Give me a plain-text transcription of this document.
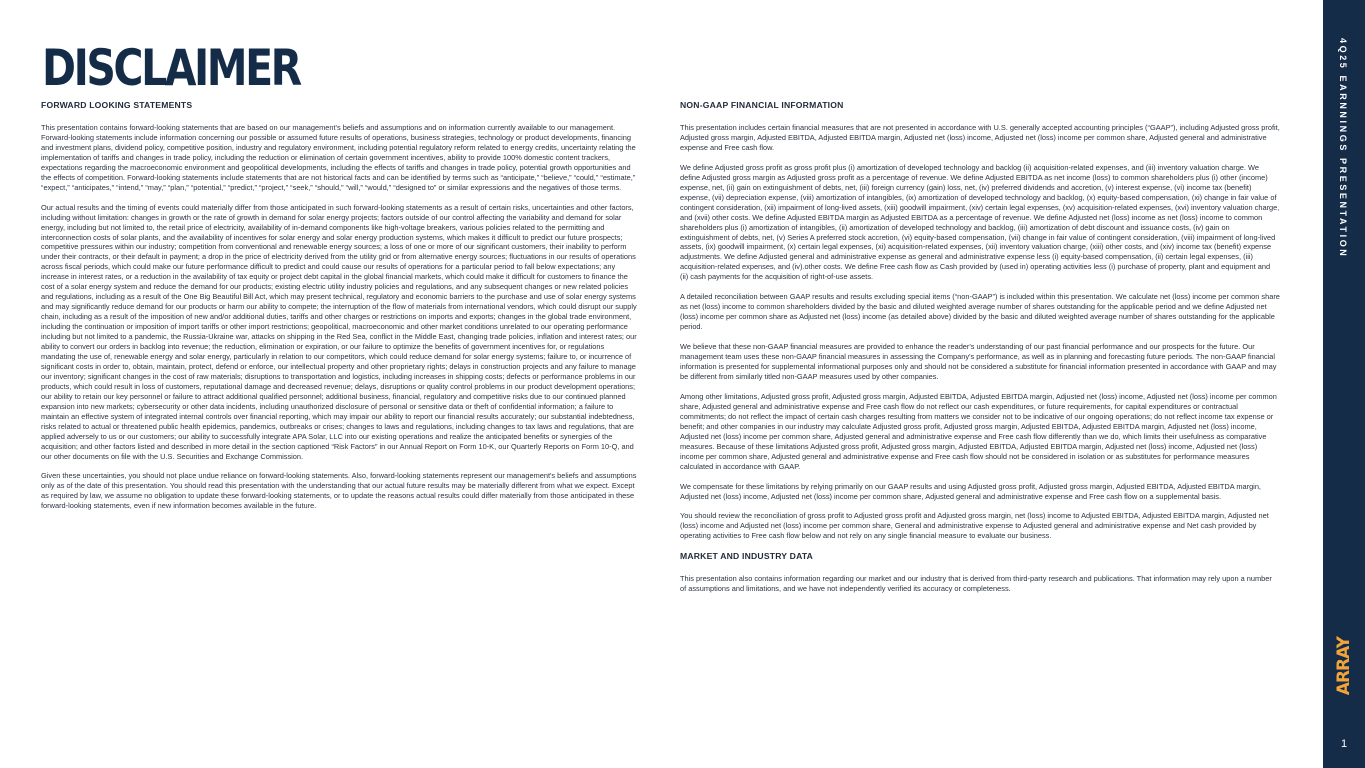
DISCLAIMER

FORWARD LOOKING STATEMENTS

This presentation contains forward-looking statements that are based on our management's beliefs and assumptions and on information currently available to our management. Forward-looking statements include information concerning our possible or assumed future results of operations, business strategies, technology or product developments, financing and investment plans, dividend policy, competitive position, industry and regulatory environment, including potential regulatory reform related to energy credits, uncertainty relating the implementation of tariffs and changes in trade policy, including the reduction or elimination of certain government incentives, ability to provide 100% domestic content trackers, expectations regarding the macroeconomic environment and geopolitical developments, including the effects of tariffs and changes in trade policy, potential growth opportunities and the effects of competition. Forward-looking statements include statements that are not historical facts and can be identified by terms such as “anticipate,” “believe,” “could,” “estimate,” “expect,” “anticipates,” “intend,” “may,” “plan,” “potential,” “predict,” “project,” “seek,” “should,” “will,” “would,” “designed to” or similar expressions and the negatives of those terms.

Our actual results and the timing of events could materially differ from those anticipated in such forward-looking statements as a result of certain risks, uncertainties and other factors, including without limitation: changes in growth or the rate of growth in demand for solar energy projects; factors outside of our control affecting the variability and demand for solar energy, including but not limited to, the retail price of electricity, availability of in-demand components like high-voltage breakers, various policies related to the permitting and interconnection costs of solar plants, and the availability of incentives for solar energy and solar energy production systems, which makes it difficult to predict our future prospects; competitive pressures within our industry; competition from conventional and renewable energy sources; a loss of one or more of our significant customers, their inability to perform under their contracts, or their default in payment; a drop in the price of electricity derived from the utility grid or from alternative energy sources; fluctuations in our results of operations across fiscal periods, which could make our future performance difficult to predict and could cause our results of operations for a particular period to fall below expectations; any increase in interest rates, or a reduction in the availability of tax equity or project debt capital in the global financial markets, which could make it difficult for customers to finance the cost of a solar energy system and reduce the demand for our products; existing electric utility industry policies and regulations, and any subsequent changes or new related policies and regulations, including as a result of the One Big Beautiful Bill Act, which may present technical, regulatory and economic barriers to the purchase and use of solar energy systems and may significantly reduce demand for our products or harm our ability to compete; the interruption of the flow of materials from international vendors, which could disrupt our supply chain, including as a result of the imposition of new and/or additional duties, tariffs and other charges or restrictions on imports and exports; changes in the global trade environment, including the continuation or imposition of import tariffs or other import restrictions; geopolitical, macroeconomic and other market conditions unrelated to our operating performance including but not limited to a pandemic, the Russia-Ukraine war, attacks on shipping in the Red Sea, conflict in the Middle East, changing trade policies, inflation and interest rates; our ability to convert our orders in backlog into revenue; the reduction, elimination or expiration, or our failure to optimize the benefits of government incentives for, or regulations mandating the use of, renewable energy and solar energy, particularly in relation to our competitors, which could reduce demand for solar energy systems; failure to, or incurrence of significant costs in order to, obtain, maintain, protect, defend or enforce, our intellectual property and other proprietary rights; delays in construction projects and any failure to manage our inventory; significant changes in the cost of raw materials; disruptions to transportation and logistics, including increases in shipping costs; defects or performance problems in our products, which could result in loss of customers, reputational damage and decreased revenue; delays, disruptions or quality control problems in our product development operations; our ability to retain our key personnel or failure to attract additional qualified personnel; additional business, financial, regulatory and competitive risks due to our continued planned expansion into new markets; cybersecurity or other data incidents, including unauthorized disclosure of personal or sensitive data or theft of confidential information; a failure to maintain an effective system of integrated internal controls over financial reporting, which may impair our ability to report our financial results accurately; our substantial indebtedness, risks related to actual or threatened public health epidemics, pandemics, outbreaks or crises; changes to laws and regulations, including changes to tax laws and regulations, that are applied adversely to us or our customers; our ability to successfully integrate APA Solar, LLC into our existing operations and realize the anticipated benefits or synergies of the acquisition; and other factors listed and described in more detail in the section captioned “Risk Factors” in our Annual Report on Form 10-K, our Quarterly Reports on Form 10-Q, and our other documents on file with the U.S. Securities and Exchange Commission.

Given these uncertainties, you should not place undue reliance on forward-looking statements. Also, forward-looking statements represent our management's beliefs and assumptions only as of the date of this presentation. You should read this presentation with the understanding that our actual future results may be materially different from what we expect. Except as required by law, we assume no obligation to update these forward-looking statements, or to update the reasons actual results could differ materially from those anticipated in these forward-looking statements, even if new information becomes available in the future.

NON-GAAP FINANCIAL INFORMATION

This presentation includes certain financial measures that are not presented in accordance with U.S. generally accepted accounting principles (“GAAP”), including Adjusted gross profit, Adjusted gross margin, Adjusted EBITDA, Adjusted EBITDA margin, Adjusted net (loss) income, Adjusted net (loss) income per common share, Adjusted general and administrative expense and Free cash flow.

We define Adjusted gross profit as gross profit plus (i) amortization of developed technology and backlog (ii) acquisition-related expenses, and (iii) inventory valuation charge. We define Adjusted gross margin as Adjusted gross profit as a percentage of revenue. We define Adjusted EBITDA as net income (loss) to common shareholders plus (i) other (income) expense, net, (ii) gain on extinguishment of debts, net, (iii) foreign currency (gain) loss, net, (iv) preferred dividends and accretion, (v) interest expense, (vi) income tax (benefit) expense, (vii) depreciation expense, (viii) amortization of intangibles, (ix) amortization of developed technology and backlog, (x) equity-based compensation, (xi) change in fair value of contingent consideration, (xii) impairment of long-lived assets, (xiii) goodwill impairment, (xiv) certain legal expenses, (xv) acquisition-related expenses, (xvi) inventory valuation charge, and (xvii) other costs. We define Adjusted EBITDA margin as Adjusted EBITDA as a percentage of revenue. We define Adjusted net (loss) income as net (loss) income to common shareholders plus (i) amortization of intangibles, (ii) amortization of developed technology and backlog, (iii) amortization of debt discount and issuance costs, (iv) gain on extinguishment of debts, net, (v) Series A preferred stock accretion, (vi) equity-based compensation, (vii) change in fair value of contingent consideration, (viii) impairment of long-lived assets, (ix) goodwill impairment, (x) certain legal expenses, (xi) acquisition-related expenses, (xii) inventory valuation charge, (xiii) other costs, and (xiv) income tax (benefit) expense adjustments. We define Adjusted general and administrative expense as general and administrative expense less (i) equity-based compensation, (ii) certain legal expenses, (iii) acquisition-related expenses, and (iv).other costs. We define Free cash flow as Cash provided by (used in) operating activities less (i) purchase of property, plant and equipment and (ii) cash payments for the acquisition of right-of-use assets.

A detailed reconciliation between GAAP results and results excluding special items (“non-GAAP”) is included within this presentation. We calculate net (loss) income per common share as net (loss) income to common shareholders divided by the basic and diluted weighted average number of shares outstanding for the applicable period and we define Adjusted net (loss) income per common share as Adjusted net (loss) income (as detailed above) divided by the basic and diluted weighted average number of shares outstanding for the applicable period.

We believe that these non-GAAP financial measures are provided to enhance the reader's understanding of our past financial performance and our prospects for the future. Our management team uses these non-GAAP financial measures in assessing the Company's performance, as well as in planning and forecasting future periods. The non-GAAP financial information is presented for supplemental informational purposes only and should not be considered a substitute for financial information presented in accordance with GAAP and may be different from similarly titled non-GAAP measures used by other companies.

Among other limitations, Adjusted gross profit, Adjusted gross margin, Adjusted EBITDA, Adjusted EBITDA margin, Adjusted net (loss) income, Adjusted net (loss) income per common share, Adjusted general and administrative expense and Free cash flow do not reflect our cash expenditures, or future requirements, for capital expenditures or contractual commitments; do not reflect the impact of certain cash charges resulting from matters we consider not to be indicative of our ongoing operations; do not reflect income tax expense or benefit; and other companies in our industry may calculate Adjusted gross profit, Adjusted gross margin, Adjusted EBITDA, Adjusted EBITDA margin, Adjusted net (loss) income, Adjusted net (loss) income per common share, Adjusted general and administrative expense and Free cash flow differently than we do, which limits their usefulness as comparative measures. Because of these limitations Adjusted gross profit, Adjusted gross margin, Adjusted EBITDA, Adjusted EBITDA margin, Adjusted net (loss) income, Adjusted net (loss) income per common share, Adjusted general and administrative expense and Free cash flow should not be considered in isolation or as substitutes for performance measures calculated in accordance with GAAP.

We compensate for these limitations by relying primarily on our GAAP results and using Adjusted gross profit, Adjusted gross margin, Adjusted EBITDA, Adjusted EBITDA margin, Adjusted net (loss) income, Adjusted net (loss) income per common share, Adjusted general and administrative expense and Free cash flow on a supplemental basis.

You should review the reconciliation of gross profit to Adjusted gross profit and Adjusted gross margin, net (loss) income to Adjusted EBITDA, Adjusted EBITDA margin, Adjusted net (loss) income and Adjusted net (loss) income per common share, General and administrative expense to Adjusted general and administrative expense and Net cash provided by operating activities to Free cash flow below and not rely on any single financial measure to evaluate our business.

MARKET AND INDUSTRY DATA

This presentation also contains information regarding our market and our industry that is derived from third-party research and publications. That information may rely upon a number of assumptions and limitations, and we have not independently verified its accuracy or completeness.

4Q25 EARNNINGS PRESENTATION
ARRAY
1
